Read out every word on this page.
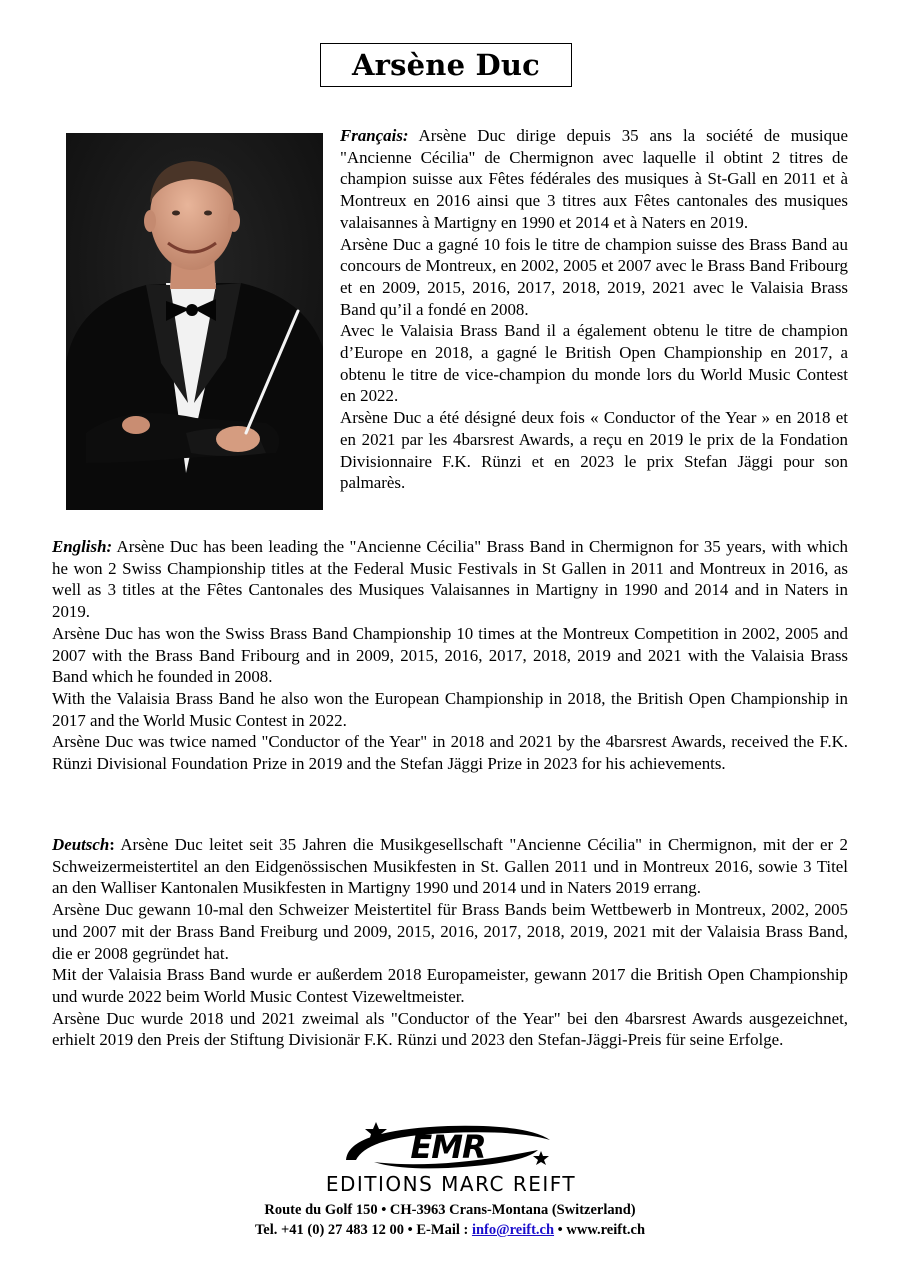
Arsène Duc

Français: Arsène Duc dirige depuis 35 ans la société de musique "Ancienne Cécilia" de Chermignon avec laquelle il obtint 2 titres de champion suisse aux Fêtes fédérales des musiques à St-Gall en 2011 et à Montreux en 2016 ainsi que 3 titres aux Fêtes cantonales des musiques valaisannes à Martigny en 1990 et 2014 et à Naters en 2019.

Arsène Duc a gagné 10 fois le titre de champion suisse des Brass Band au concours de Montreux, en 2002, 2005 et 2007 avec le Brass Band Fribourg et en 2009, 2015, 2016, 2017, 2018, 2019, 2021 avec le Valaisia Brass Band qu’il a fondé en 2008.

Avec le Valaisia Brass Band il a également obtenu le titre de champion d’Europe en 2018, a gagné le British Open Championship en 2017, a obtenu le titre de vice-champion du monde lors du World Music Contest en 2022.

Arsène Duc a été désigné deux fois « Conductor of the Year » en 2018 et en 2021 par les 4barsrest Awards, a reçu en 2019 le prix de la Fondation Divisionnaire F.K. Rünzi et en 2023 le prix Stefan Jäggi pour son palmarès.

English: Arsène Duc has been leading the "Ancienne Cécilia" Brass Band in Chermignon for 35 years, with which he won 2 Swiss Championship titles at the Federal Music Festivals in St Gallen in 2011 and Montreux in 2016, as well as 3 titles at the Fêtes Cantonales des Musiques Valaisannes in Martigny in 1990 and 2014 and in Naters in 2019.

Arsène Duc has won the Swiss Brass Band Championship 10 times at the Montreux Competition in 2002, 2005 and 2007 with the Brass Band Fribourg and in 2009, 2015, 2016, 2017, 2018, 2019 and 2021 with the Valaisia Brass Band which he founded in 2008.

With the Valaisia Brass Band he also won the European Championship in 2018, the British Open Championship in 2017 and the World Music Contest in 2022.

Arsène Duc was twice named "Conductor of the Year" in 2018 and 2021 by the 4barsrest Awards, received the F.K. Rünzi Divisional Foundation Prize in 2019 and the Stefan Jäggi Prize in 2023 for his achievements.

Deutsch: Arsène Duc leitet seit 35 Jahren die Musikgesellschaft "Ancienne Cécilia" in Chermignon, mit der er 2 Schweizermeistertitel an den Eidgenössischen Musikfesten in St. Gallen 2011 und in Montreux 2016, sowie 3 Titel an den Walliser Kantonalen Musikfesten in Martigny 1990 und 2014 und in Naters 2019 errang.

Arsène Duc gewann 10-mal den Schweizer Meistertitel für Brass Bands beim Wettbewerb in Montreux, 2002, 2005 und 2007 mit der Brass Band Freiburg und 2009, 2015, 2016, 2017, 2018, 2019, 2021 mit der Valaisia Brass Band, die er 2008 gegründet hat.

Mit der Valaisia Brass Band wurde er außerdem 2018 Europameister, gewann 2017 die British Open Championship und wurde 2022 beim World Music Contest Vizeweltmeister.

Arsène Duc wurde 2018 und 2021 zweimal als "Conductor of the Year" bei den 4barsrest Awards ausgezeichnet, erhielt 2019 den Preis der Stiftung Divisionär F.K. Rünzi und 2023 den Stefan-Jäggi-Preis für seine Erfolge.

EMR
EDITIONS MARC REIFT
Route du Golf 150 • CH-3963 Crans-Montana (Switzerland)
Tel. +41 (0) 27 483 12 00 • E-Mail : info@reift.ch • www.reift.ch
